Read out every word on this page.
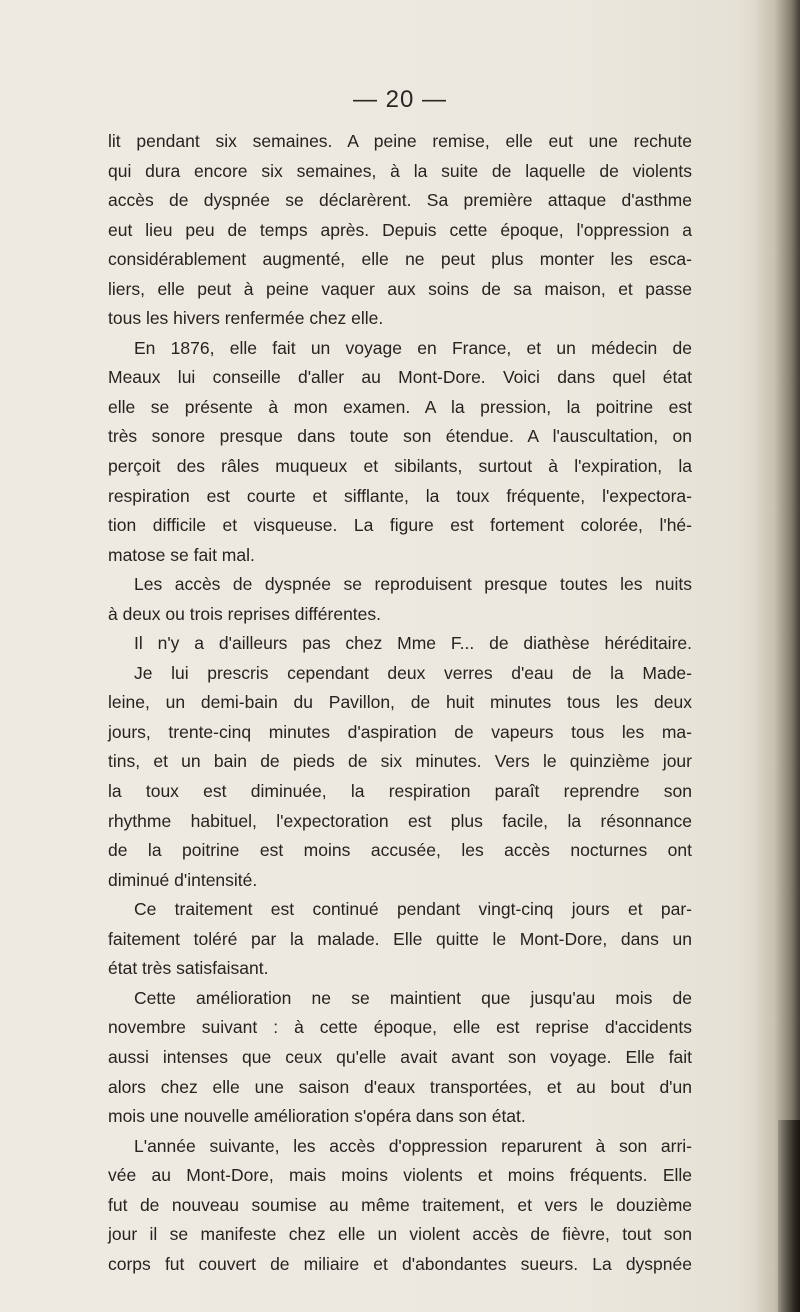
— 20 —
lit pendant six semaines. A peine remise, elle eut une rechute
qui dura encore six semaines, à la suite de laquelle de violents
accès de dyspnée se déclarèrent. Sa première attaque d'asthme
eut lieu peu de temps après. Depuis cette époque, l'oppression a
considérablement augmenté, elle ne peut plus monter les esca-
liers, elle peut à peine vaquer aux soins de sa maison, et passe
tous les hivers renfermée chez elle.
En 1876, elle fait un voyage en France, et un médecin de
Meaux lui conseille d'aller au Mont-Dore. Voici dans quel état
elle se présente à mon examen. A la pression, la poitrine est
très sonore presque dans toute son étendue. A l'auscultation, on
perçoit des râles muqueux et sibilants, surtout à l'expiration, la
respiration est courte et sifflante, la toux fréquente, l'expectora-
tion difficile et visqueuse. La figure est fortement colorée, l'hé-
matose se fait mal.
Les accès de dyspnée se reproduisent presque toutes les nuits
à deux ou trois reprises différentes.
Il n'y a d'ailleurs pas chez Mme F... de diathèse héréditaire.
Je lui prescris cependant deux verres d'eau de la Made-
leine, un demi-bain du Pavillon, de huit minutes tous les deux
jours, trente-cinq minutes d'aspiration de vapeurs tous les ma-
tins, et un bain de pieds de six minutes. Vers le quinzième jour
la toux est diminuée, la respiration paraît reprendre son
rhythme habituel, l'expectoration est plus facile, la résonnance
de la poitrine est moins accusée, les accès nocturnes ont
diminué d'intensité.
Ce traitement est continué pendant vingt-cinq jours et par-
faitement toléré par la malade. Elle quitte le Mont-Dore, dans un
état très satisfaisant.
Cette amélioration ne se maintient que jusqu'au mois de
novembre suivant : à cette époque, elle est reprise d'accidents
aussi intenses que ceux qu'elle avait avant son voyage. Elle fait
alors chez elle une saison d'eaux transportées, et au bout d'un
mois une nouvelle amélioration s'opéra dans son état.
L'année suivante, les accès d'oppression reparurent à son arri-
vée au Mont-Dore, mais moins violents et moins fréquents. Elle
fut de nouveau soumise au même traitement, et vers le douzième
jour il se manifeste chez elle un violent accès de fièvre, tout son
corps fut couvert de miliaire et d'abondantes sueurs. La dyspnée
